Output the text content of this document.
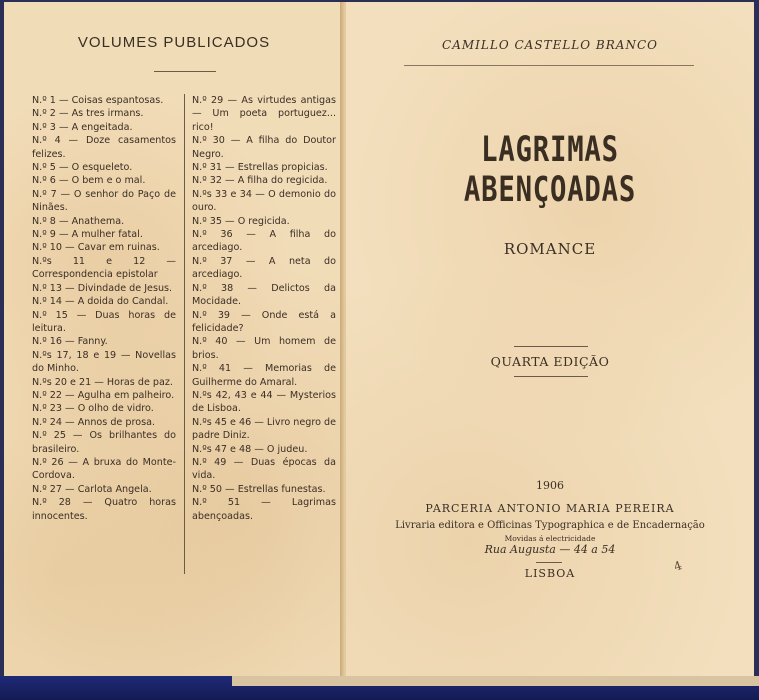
VOLUMES PUBLICADOS
N.º 1 — Coisas espantosas.
N.º 2 — As tres irmans.
N.º 3 — A engeitada.
N.º 4 — Doze casamentos felizes.
N.º 5 — O esqueleto.
N.º 6 — O bem e o mal.
N.º 7 — O senhor do Paço de Ninães.
N.º 8 — Anathema.
N.º 9 — A mulher fatal.
N.º 10 — Cavar em ruinas.
N.ºs 11 e 12 — Correspondencia epistolar
N.º 13 — Divindade de Jesus.
N.º 14 — A doida do Candal.
N.º 15 — Duas horas de leitura.
N.º 16 — Fanny.
N.ºs 17, 18 e 19 — Novellas do Minho.
N.ºs 20 e 21 — Horas de paz.
N.º 22 — Agulha em palheiro.
N.º 23 — O olho de vidro.
N.º 24 — Annos de prosa.
N.º 25 — Os brilhantes do brasileiro.
N.º 26 — A bruxa do Monte-Cordova.
N.º 27 — Carlota Angela.
N.º 28 — Quatro horas innocentes.
N.º 29 — As virtudes antigas — Um poeta portuguez... rico!
N.º 30 — A filha do Doutor Negro.
N.º 31 — Estrellas propicias.
N.º 32 — A filha do regicida.
N.ºs 33 e 34 — O demonio do ouro.
N.º 35 — O regicida.
N.º 36 — A filha do arcediago.
N.º 37 — A neta do arcediago.
N.º 38 — Delictos da Mocidade.
N.º 39 — Onde está a felicidade?
N.º 40 — Um homem de brios.
N.º 41 — Memorias de Guilherme do Amaral.
N.ºs 42, 43 e 44 — Mysterios de Lisboa.
N.ºs 45 e 46 — Livro negro de padre Diniz.
N.ºs 47 e 48 — O judeu.
N.º 49 — Duas épocas da vida.
N.º 50 — Estrellas funestas.
N.º 51 — Lagrimas abençoadas.
CAMILLO CASTELLO BRANCO
LAGRIMAS ABENÇOADAS
ROMANCE
QUARTA EDIÇÃO
1906
PARCERIA ANTONIO MARIA PEREIRA
Livraria editora e Officinas Typographica e de Encadernação
Movidas á electricidade
Rua Augusta — 44 a 54
LISBOA	4
